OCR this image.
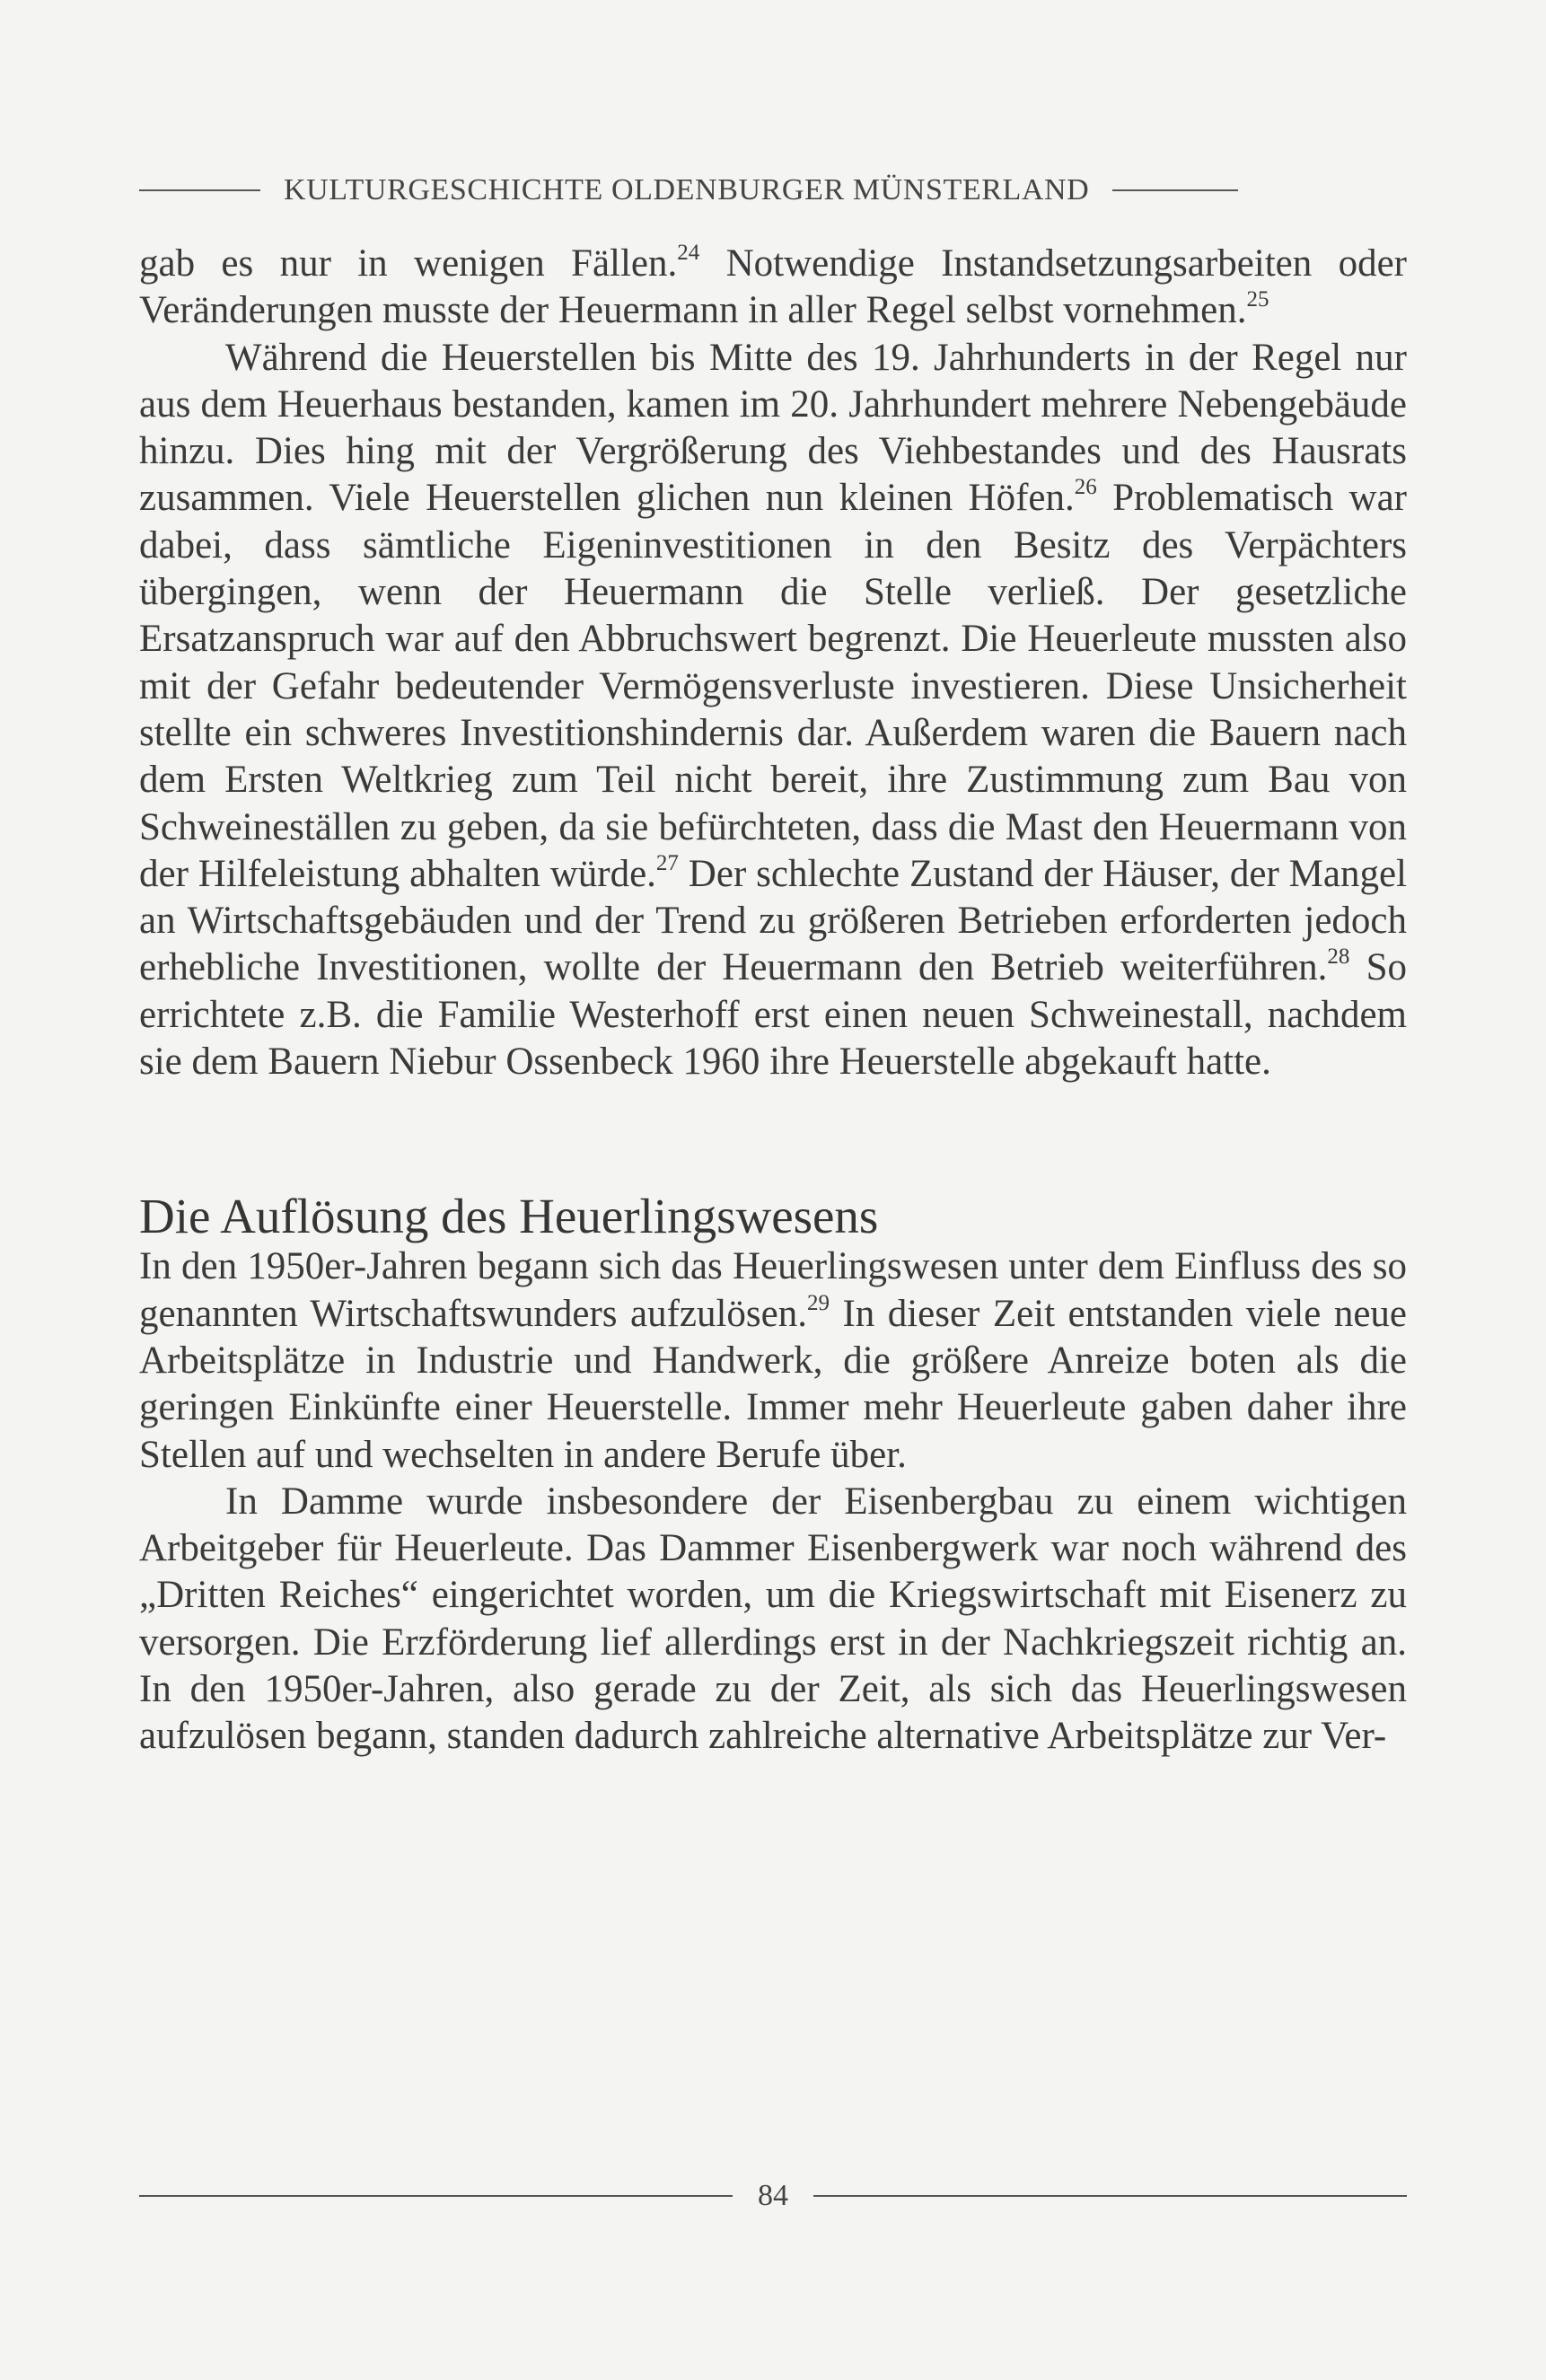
KULTURGESCHICHTE OLDENBURGER MÜNSTERLAND

gab es nur in wenigen Fällen.$^{24}$ Notwendige Instandsetzungsarbeiten oder Veränderungen musste der Heuermann in aller Regel selbst vornehmen.$^{25}$

Während die Heuerstellen bis Mitte des 19. Jahrhunderts in der Regel nur aus dem Heuerhaus bestanden, kamen im 20. Jahrhundert mehrere Nebengebäude hinzu. Dies hing mit der Vergrößerung des Viehbestandes und des Hausrats zusammen. Viele Heuerstellen glichen nun kleinen Höfen.$^{26}$ Problematisch war dabei, dass sämtliche Eigeninvestitionen in den Besitz des Verpächters übergingen, wenn der Heuermann die Stelle verließ. Der gesetzliche Ersatzanspruch war auf den Abbruchswert begrenzt. Die Heuerleute mussten also mit der Gefahr bedeutender Vermögensverluste investieren. Diese Unsicherheit stellte ein schweres Investitionshindernis dar. Außerdem waren die Bauern nach dem Ersten Weltkrieg zum Teil nicht bereit, ihre Zustimmung zum Bau von Schweineställen zu geben, da sie befürchteten, dass die Mast den Heuermann von der Hilfeleistung abhalten würde.$^{27}$ Der schlechte Zustand der Häuser, der Mangel an Wirtschaftsgebäuden und der Trend zu größeren Betrieben erforderten jedoch erhebliche Investitionen, wollte der Heuermann den Betrieb weiterführen.$^{28}$ So errichtete z.B. die Familie Westerhoff erst einen neuen Schweinestall, nachdem sie dem Bauern Niebur Ossenbeck 1960 ihre Heuerstelle abgekauft hatte.

Die Auflösung des Heuerlingswesens

In den 1950er-Jahren begann sich das Heuerlingswesen unter dem Einfluss des so genannten Wirtschaftswunders aufzulösen.$^{29}$ In dieser Zeit entstanden viele neue Arbeitsplätze in Industrie und Handwerk, die größere Anreize boten als die geringen Einkünfte einer Heuerstelle. Immer mehr Heuerleute gaben daher ihre Stellen auf und wechselten in andere Berufe über.

In Damme wurde insbesondere der Eisenbergbau zu einem wichtigen Arbeitgeber für Heuerleute. Das Dammer Eisenbergwerk war noch während des „Dritten Reiches“ eingerichtet worden, um die Kriegswirtschaft mit Eisenerz zu versorgen. Die Erzförderung lief allerdings erst in der Nachkriegszeit richtig an. In den 1950er-Jahren, also gerade zu der Zeit, als sich das Heuerlingswesen aufzulösen begann, standen dadurch zahlreiche alternative Arbeitsplätze zur Ver-

84
